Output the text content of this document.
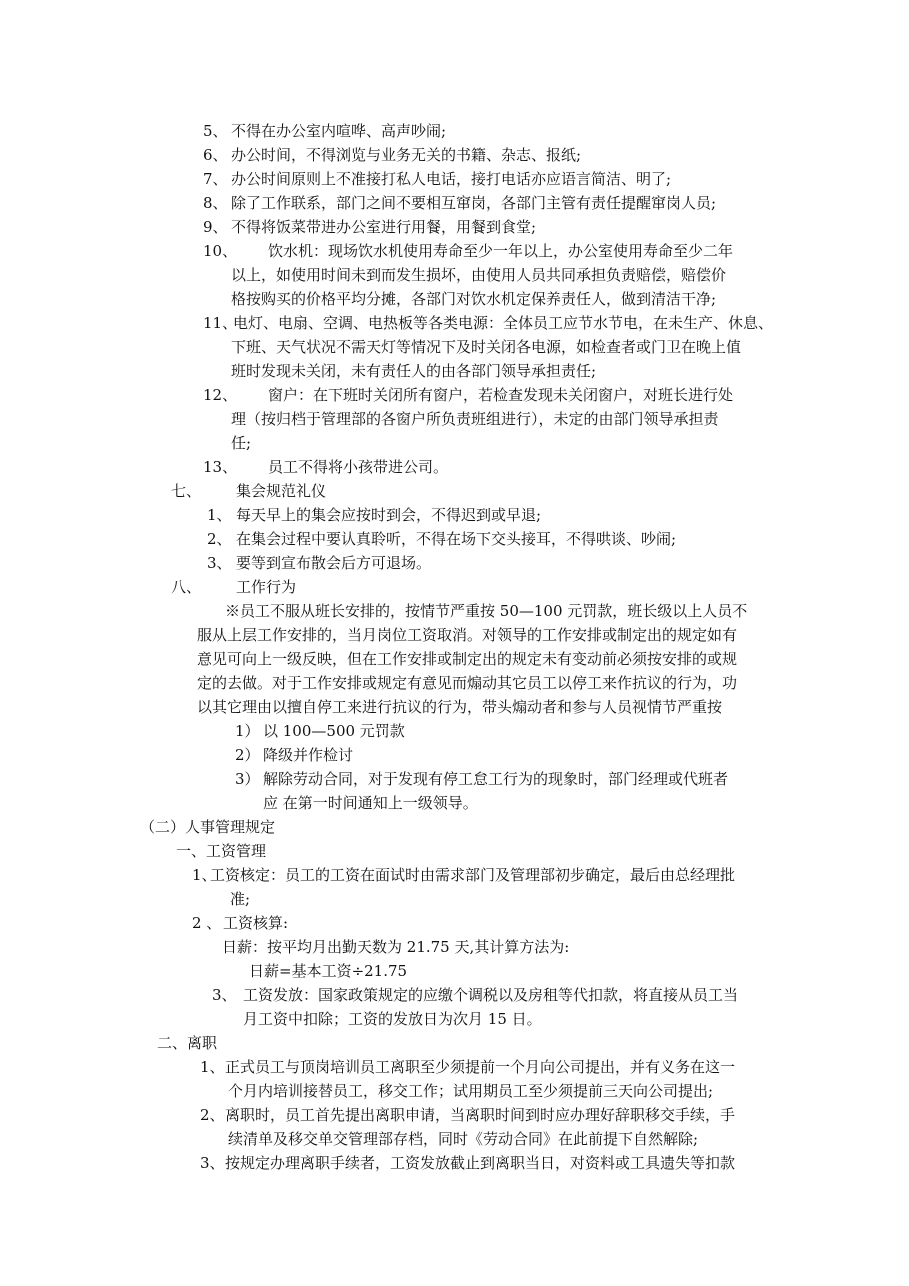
5、 不得在办公室内喧哗、高声吵闹;
6、 办公时间，不得浏览与业务无关的书籍、杂志、报纸;
7、 办公时间原则上不准接打私人电话，接打电话亦应语言简洁、明了;
8、 除了工作联系，部门之间不要相互窜岗，各部门主管有责任提醒窜岗人员;
9、 不得将饭菜带进办公室进行用餐，用餐到食堂;
10、 饮水机：现场饮水机使用寿命至少一年以上，办公室使用寿命至少二年
以上，如使用时间未到而发生损坏，由使用人员共同承担负责赔偿，赔偿价
格按购买的价格平均分摊，各部门对饮水机定保养责任人，做到清洁干净;
11、
电灯、电扇、空调、电热板等各类电源：全体员工应节水节电，在未生产、休息、
下班、天气状况不需天灯等情况下及时关闭各电源，如检查者或门卫在晚上值
班时发现未关闭，未有责任人的由各部门领导承担责任;
12、 窗户：在下班时关闭所有窗户，若检查发现未关闭窗户，对班长进行处
理（按归档于管理部的各窗户所负责班组进行），未定的由部门领导承担责
任;
13、 员工不得将小孩带进公司。
七、 集会规范礼仪
1、 每天早上的集会应按时到会，不得迟到或早退;
2、 在集会过程中要认真聆听，不得在场下交头接耳，不得哄谈、吵闹;
3、 要等到宣布散会后方可退场。
八、 工作行为
※员工不服从班长安排的，按情节严重按 50—100 元罚款，班长级以上人员不
服从上层工作安排的，当月岗位工资取消。对领导的工作安排或制定出的规定如有
意见可向上一级反映，但在工作安排或制定出的规定未有变动前必须按安排的或规
定的去做。对于工作安排或规定有意见而煽动其它员工以停工来作抗议的行为，功
以其它理由以擅自停工来进行抗议的行为，带头煽动者和参与人员视情节严重按
1） 以 100—500 元罚款
2） 降级并作检讨
3） 解除劳动合同，对于发现有停工怠工行为的现象时，部门经理或代班者
应 在第一时间通知上一级领导。
（二）人事管理规定
一、工资管理
1、
工资核定：员工的工资在面试时由需求部门及管理部初步确定，最后由总经理批
准;
2 、 工资核算:
日薪：按平均月出勤天数为 21.75 天,其计算方法为:
日薪=基本工资÷21.75
3、 工资发放：国家政策规定的应缴个调税以及房租等代扣款，将直接从员工当
月工资中扣除；工资的发放日为次月 15 日。
二、离职
1、 正式员工与顶岗培训员工离职至少须提前一个月向公司提出，并有义务在这一
个月内培训接替员工，移交工作；试用期员工至少须提前三天向公司提出;
2、 离职时，员工首先提出离职申请，当离职时间到时应办理好辞职移交手续，手
续清单及移交单交管理部存档，同时《劳动合同》在此前提下自然解除;
3、 按规定办理离职手续者，工资发放截止到离职当日，对资料或工具遗失等扣款
